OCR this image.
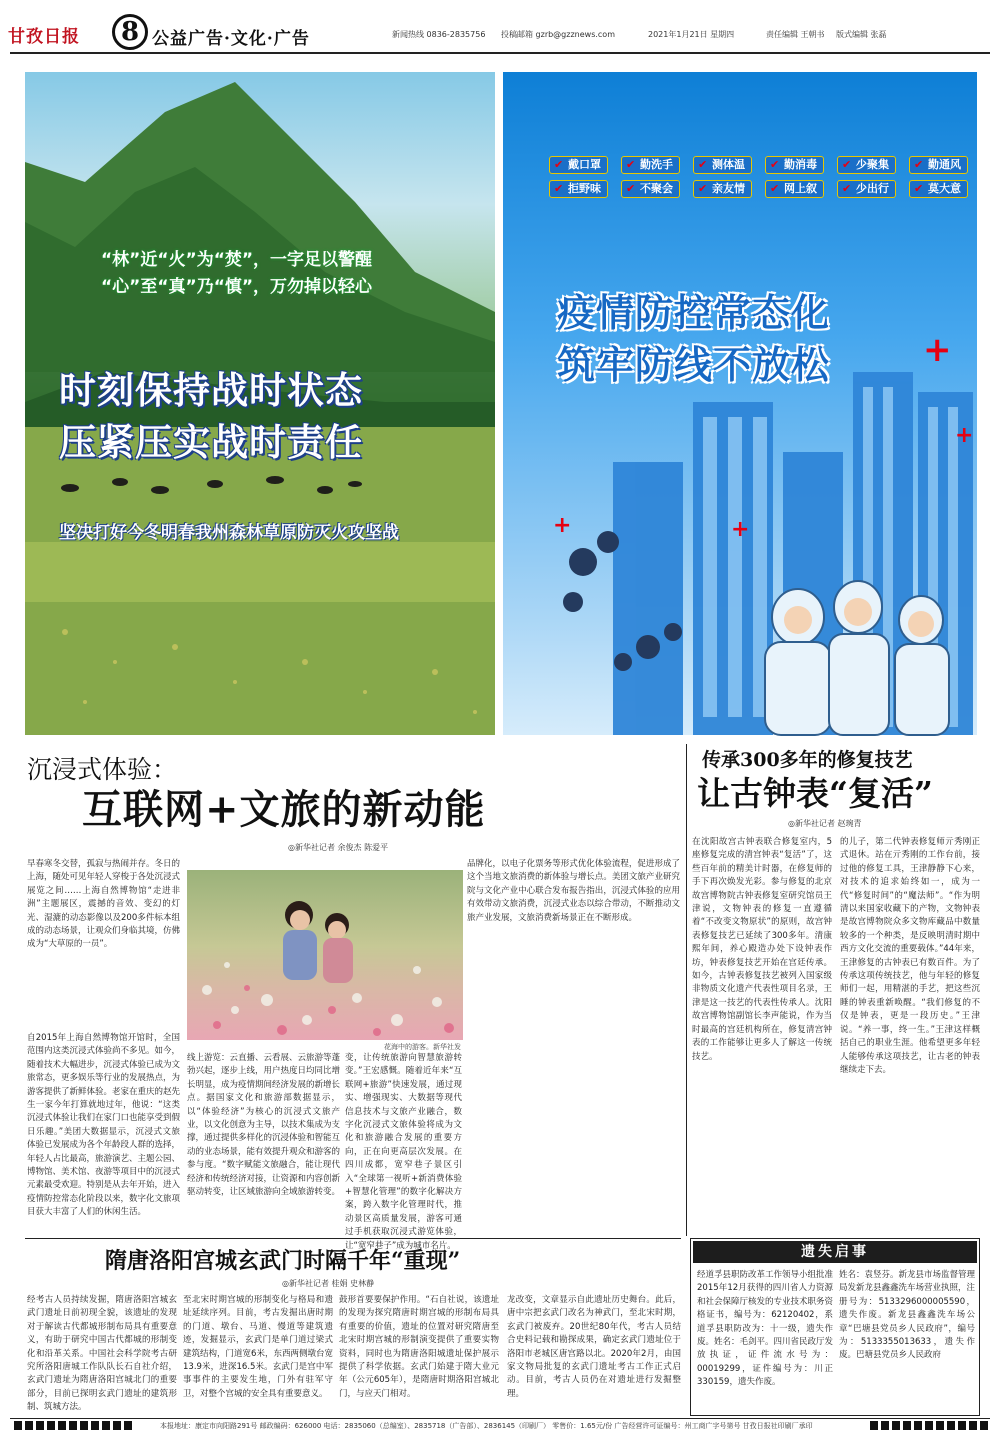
甘孜日报	8 公益广告·文化·广告	新闻热线 0836-2835756 投稿邮箱 gzrb@gzznews.com	2021年1月21日 星期四	责任编辑 王朝书 版式编辑 张磊
“林”近“火”为“焚”，一字足以警醒
“心”至“真”乃“慎”，万勿掉以轻心
时刻保持战时状态
压紧压实战时责任
坚决打好今冬明春我州森林草原防灭火攻坚战
✔ 戴口罩	✔ 勤洗手	✔ 测体温	✔ 勤消毒	✔ 少聚集	✔ 勤通风
✔ 拒野味	✔ 不聚会	✔ 亲友情	✔ 网上叙	✔ 少出行	✔ 莫大意
疫情防控常态化
筑牢防线不放松	+
+	+
+
沉浸式体验：
互联网+文旅的新动能
◎新华社记者 余俊杰 陈爱平
早春寒冬交替，孤寂与热闹并存。冬日的上海，随处可见年轻人穿梭于各处沉浸式展览之间……上海自然博物馆“走进非洲”主题展区，震撼的音效、变幻的灯光、湿漉的动态影像以及200多件标本组成的动态场景，让观众们身临其境，仿佛成为“大草原的一员”。
自2015年上海自然博物馆开馆时，全国范围内这类沉浸式体验尚不多见。如今，随着技术大幅进步，沉浸式体验已成为文旅常态，更多娱乐等行业的发展热点，为游客提供了新鲜体验。老家在重庆的赵先生一家今年打算就地过年，他说：“这类沉浸式体验让我们在家门口也能享受到假日乐趣。”美团大数据显示，沉浸式文旅体验已发展成为各个年龄段人群的选择，年轻人占比最高，旅游演艺、主题公园、博物馆、美术馆、夜游等项目中的沉浸式元素最受欢迎。特别是从去年开始，进入疫情防控常态化阶段以来，数字化文旅项目获大丰富了人们的休闲生活。
花海中的游客。新华社发
品牌化，以电子化票务等形式优化体验流程，促进形成了这个当地文旅消费的新体验与增长点。美团文旅产业研究院与文化产业中心联合发布报告指出，沉浸式体验的应用有效带动文旅消费，沉浸式业态以综合带动，不断推动文旅产业发展，文旅消费新场景正在不断形成。
线上游览：云直播、云看展、云旅游等蓬勃兴起，逐步上线，用户热度日均同比增长明显，成为疫情期间经济发展的新增长点。据国家文化和旅游部数据显示，以“体验经济”为核心的沉浸式文旅产业，以文化创意为主导，以技术集成为支撑，通过提供多样化的沉浸体验和智能互动的业态场景，能有效提升观众和游客的参与度。“数字赋能文旅融合，能让现代经济和传统经济对接，让资源和内容创新驱动转变，让区域旅游向全域旅游转变。
变，让传统旅游向智慧旅游转变。”王宏感慨。随着近年来“互联网+旅游”快速发展，通过现实、增强现实、大数据等现代信息技术与文旅产业融合，数字化沉浸式文旅体验将成为文化和旅游融合发展的重要方向，正在向更高层次发展。在四川成都，宽窄巷子景区引入“全球第一视听+新消费体验+智慧化管理”的数字化解决方案，跨入数字化管理时代，推动景区高质量发展，游客可通过手机获取沉浸式游览体验，让“宽窄巷子”成为城市名片。
传承300多年的修复技艺
让古钟表“复活”
◎新华社记者 赵琬青
在沈阳故宫古钟表联合修复室内，5座修复完成的清宫钟表“复活”了，这些百年前的精美计时器，在修复师的手下再次焕发光彩。参与修复的北京故宫博物院古钟表修复室研究馆员王津说，文物钟表的修复一直遵循着“不改变文物原状”的原则，故宫钟表修复技艺已延续了300多年。清康熙年间，养心殿造办处下设钟表作坊，钟表修复技艺开始在宫廷传承。如今，古钟表修复技艺被列入国家级非物质文化遗产代表性项目名录，王津是这一技艺的代表性传承人。沈阳故宫博物馆副馆长李声能说，作为当时最高的宫廷机构所在，修复清宫钟表的工作能够让更多人了解这一传统技艺。
的儿子，第二代钟表修复师亓秀刚正式退休。站在亓秀刚的工作台前，接过他的修复工具，王津静静下心来，对技术的追求始终如一，成为一代“修复时间”的“魔法师”。“作为明清以来国家收藏下的产物，文物钟表是故宫博物院众多文物库藏品中数量较多的一个种类，是反映明清时期中西方文化交流的重要载体。”44年来，王津修复的古钟表已有数百件。为了传承这项传统技艺，他与年轻的修复师们一起，用精湛的手艺，把这些沉睡的钟表重新唤醒。“我们修复的不仅是钟表，更是一段历史。”王津说。“养一事，终一生。”王津这样概括自己的职业生涯。他希望更多年轻人能够传承这项技艺，让古老的钟表继续走下去。
隋唐洛阳宫城玄武门时隔千年“重现”
◎新华社记者 桂娟 史林静
经考古人员持续发掘，隋唐洛阳宫城玄武门遗址日前初现全貌，该遗址的发现对于解读古代都城形制布局具有重要意义，有助于研究中国古代都城的形制变化和沿革关系。中国社会科学院考古研究所洛阳唐城工作队队长石自社介绍，玄武门遗址为隋唐洛阳宫城北门的重要部分，目前已探明玄武门遗址的建筑形制、筑城方法。
至北宋时期宫城的形制变化与格局和遗址延续序列。目前，考古发掘出唐时期的门道、墩台、马道、慢道等建筑遗迹，发掘显示，玄武门是单门道过梁式建筑结构，门道宽6米，东西两侧墩台宽13.9米，进深16.5米。玄武门是宫中军事事件的主要发生地，门外有驻军守卫，对整个宫城的安全具有重要意义。
鼓形首要要保护作用。“石自社说，该遗址的发现为探究隋唐时期宫城的形制布局具有重要的价值，遗址的位置对研究隋唐至北宋时期宫城的形制演变提供了重要实物资料，同时也为隋唐洛阳城遗址保护展示提供了科学依据。玄武门始建于隋大业元年（公元605年），是隋唐时期洛阳宫城北门，与应天门相对。
龙改变，文章显示自此遗址历史舞台。此后，唐中宗把玄武门改名为神武门，至北宋时期，玄武门被废弃。20世纪80年代，考古人员结合史料记载和勘探成果，确定玄武门遗址位于洛阳市老城区唐宫路以北。2020年2月，由国家文物局批复的玄武门遗址考古工作正式启动。目前，考古人员仍在对遗址进行发掘整理。
遗失启事
经道孚县职防改革工作领导小组批准2015年12月获得的四川省人力资源和社会保障厅核发的专业技术职务资格证书，编号为：62120402，系道孚县职防改为：十一级，遗失作废。姓名：毛剑平。四川省民政厅发放执证，证件流水号为：00019299，证件编号为：川正 330159，遗失作废。
姓名：袁竖芬。新龙县市场监督管理局发新龙县鑫鑫洗车场营业执照，注册号为：5133296000005590，遗失作废。新龙县鑫鑫洗车场公章“巴塘县党员乡人民政府”，编号为：5133355013633，遗失作废。巴塘县党员乡人民政府
本报地址：康定市向阳路291号 邮政编码：626000 电话：2835060（总编室）、2835718（广告部）、2836145（印刷厂） 零售价：1.65元/份 广告经营许可证编号：州工商广字号第号 甘孜日报社印刷厂承印
